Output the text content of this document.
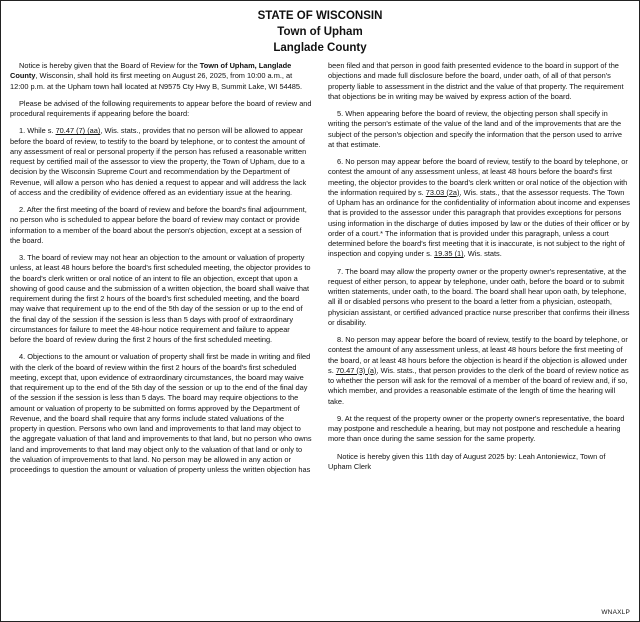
STATE OF WISCONSIN
Town of Upham
Langlade County

Notice is hereby given that the Board of Review for the Town of Upham, Langlade County, Wisconsin, shall hold its first meeting on August 26, 2025, from 10:00 a.m., at 12:00 p.m. at the Upham town hall located at N9575 Cty Hwy B, Summit Lake, WI 54485.

Please be advised of the following requirements to appear before the board of review and procedural requirements if appearing before the board:

1. While s. 70.47 (7) (aa), Wis. stats., provides that no person will be allowed to appear before the board of review, to testify to the board by telephone, or to contest the amount of any assessment of real or personal property if the person has refused a reasonable written request by certified mail of the assessor to view the property, the Town of Upham, due to a decision by the Wisconsin Supreme Court and recommendation by the Department of Revenue, will allow a person who has denied a request to appear and will address the lack of access and the credibility of evidence offered as an evidentiary issue at the hearing.

2. After the first meeting of the board of review and before the board's final adjournment, no person who is scheduled to appear before the board of review may contact or provide information to a member of the board about the person's objection, except at a session of the board.

3. The board of review may not hear an objection to the amount or valuation of property unless, at least 48 hours before the board's first scheduled meeting, the objector provides to the board's clerk written or oral notice of an intent to file an objection, except that upon a showing of good cause and the submission of a written objection, the board shall waive that requirement during the first 2 hours of the board's first scheduled meeting, and the board may waive that requirement up to the end of the 5th day of the session or up to the end of the final day of the session if the session is less than 5 days with proof of extraordinary circumstances for failure to meet the 48-hour notice requirement and failure to appear before the board of review during the first 2 hours of the first scheduled meeting.

4. Objections to the amount or valuation of property shall first be made in writing and filed with the clerk of the board of review within the first 2 hours of the board's first scheduled meeting, except that, upon evidence of extraordinary circumstances, the board may waive that requirement up to the end of the 5th day of the session or up to the end of the final day of the session if the session is less than 5 days. The board may require objections to the amount or valuation of property to be submitted on forms approved by the Department of Revenue, and the board shall require that any forms include stated valuations of the property in question. Persons who own land and improvements to that land may object to the aggregate valuation of that land and improvements to that land, but no person who owns land and improvements to that land may object only to the valuation of that land or only to the valuation of improvements to that land. No person may be allowed in any action or proceedings to question the amount or valuation of property unless the written objection has

been filed and that person in good faith presented evidence to the board in support of the objections and made full disclosure before the board, under oath, of all of that person's property liable to assessment in the district and the value of that property. The requirement that objections be in writing may be waived by express action of the board.

5. When appearing before the board of review, the objecting person shall specify in writing the person's estimate of the value of the land and of the improvements that are the subject of the person's objection and specify the information that the person used to arrive at that estimate.

6. No person may appear before the board of review, testify to the board by telephone, or contest the amount of any assessment unless, at least 48 hours before the board's first meeting, the objector provides to the board's clerk written or oral notice of the objection with the information required by s. 73.03 (2a), Wis. stats., that the assessor requests. The Town of Upham has an ordinance for the confidentiality of information about income and expenses that is provided to the assessor under this paragraph that provides exceptions for persons using information in the discharge of duties imposed by law or the duties of their officer or by order of a court.* The information that is provided under this paragraph, unless a court determined before the board's first meeting that it is inaccurate, is not subject to the right of inspection and copying under s. 19.35 (1), Wis. stats.

7. The board may allow the property owner or the property owner's representative, at the request of either person, to appear by telephone, under oath, before the board or to submit written statements, under oath, to the board. The board shall hear upon oath, by telephone, all ill or disabled persons who present to the board a letter from a physician, osteopath, physician assistant, or certified advanced practice nurse prescriber that confirms their illness or disability.

8. No person may appear before the board of review, testify to the board by telephone, or contest the amount of any assessment unless, at least 48 hours before the first meeting of the board, or at least 48 hours before the objection is heard if the objection is allowed under s. 70.47 (3) (a), Wis. stats., that person provides to the clerk of the board of review notice as to whether the person will ask for the removal of a member of the board of review and, if so, which member, and provides a reasonable estimate of the length of time the hearing will take.

9. At the request of the property owner or the property owner's representative, the board may postpone and reschedule a hearing, but may not postpone and reschedule a hearing more than once during the same session for the same property.

Notice is hereby given this 11th day of August 2025 by: Leah Antoniewicz, Town of Upham Clerk

WNAXLP
